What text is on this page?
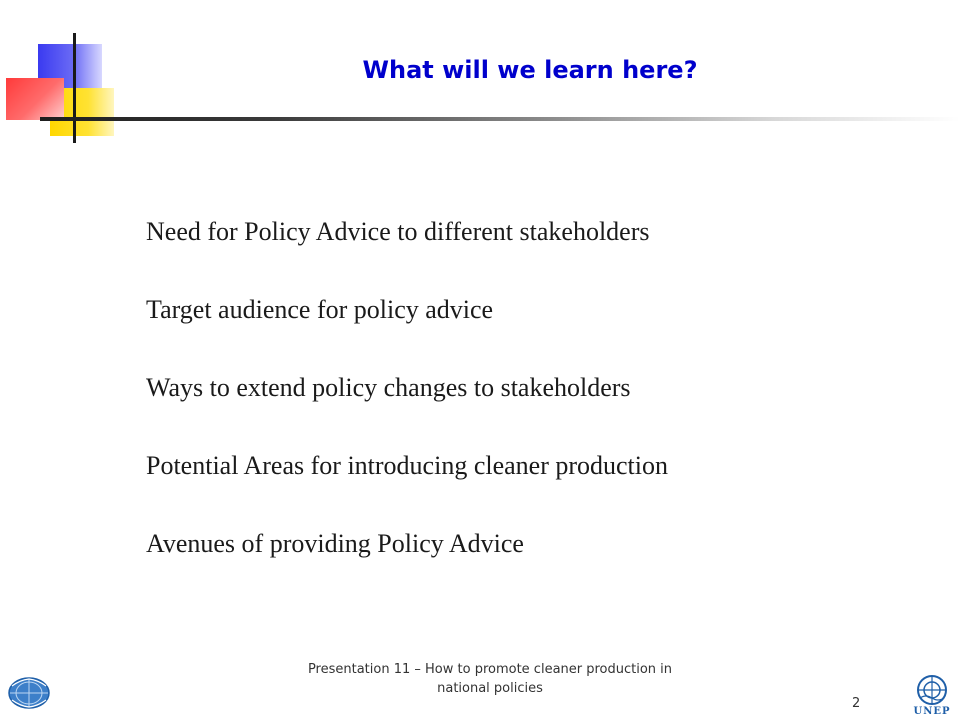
What will we learn here?
Need for Policy Advice to different stakeholders
Target audience for policy advice
Ways to extend policy changes to stakeholders
Potential Areas for introducing cleaner production
Avenues of providing Policy Advice
Presentation 11 – How to promote cleaner production in
national policies
2
UNEP
